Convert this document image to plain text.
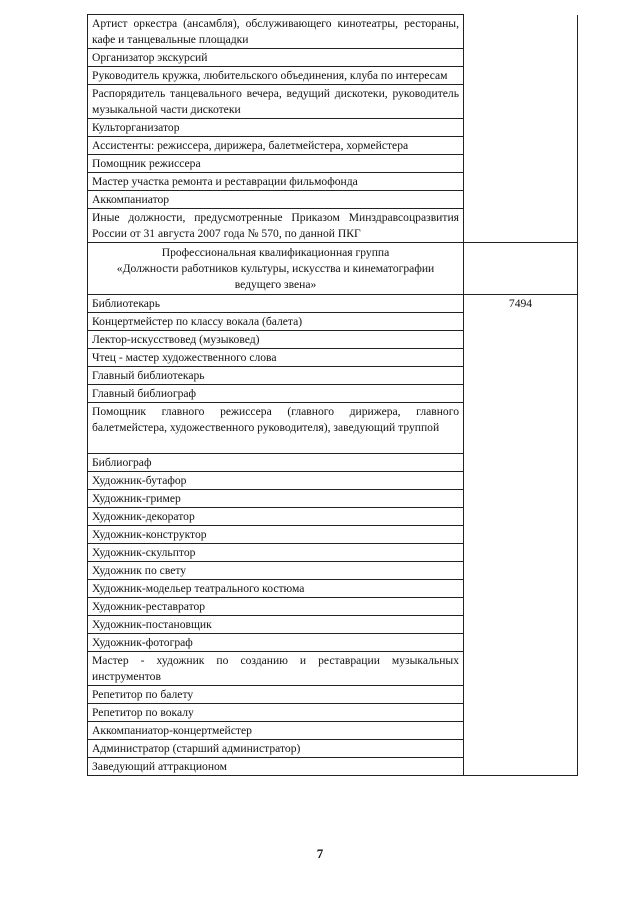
Артист оркестра (ансамбля), обслуживающего кинотеатры, рестораны, кафе и танцевальные площадки	
Организатор экскурсий	
Руководитель кружка, любительского объединения, клуба по интересам	
Распорядитель танцевального вечера, ведущий дискотеки, руководитель музыкальной части дискотеки	
Культорганизатор	
Ассистенты: режиссера, дирижера, балетмейстера, хормейстера	
Помощник режиссера	
Мастер участка ремонта и реставрации фильмофонда	
Аккомпаниатор	
Иные должности, предусмотренные Приказом Минздравсоцразвития России от 31 августа 2007 года № 570, по данной ПКГ	

Профессиональная квалификационная группа
«Должности работников культуры, искусства и кинематографии
ведущего звена»	

Библиотекарь	7494
Концертмейстер по классу вокала (балета)	
Лектор-искусствовед (музыковед)	
Чтец - мастер художественного слова	
Главный библиотекарь	
Главный библиограф	
Помощник главного режиссера (главного дирижера, главного балетмейстера, художественного руководителя), заведующий труппой	
Библиограф	
Художник-бутафор	
Художник-гример	
Художник-декоратор	
Художник-конструктор	
Художник-скульптор	
Художник по свету	
Художник-модельер театрального костюма	
Художник-реставратор	
Художник-постановщик	
Художник-фотограф	
Мастер - художник по созданию и реставрации музыкальных инструментов	
Репетитор по балету	
Репетитор по вокалу	
Аккомпаниатор-концертмейстер	
Администратор (старший администратор)	
Заведующий аттракционом	
7
